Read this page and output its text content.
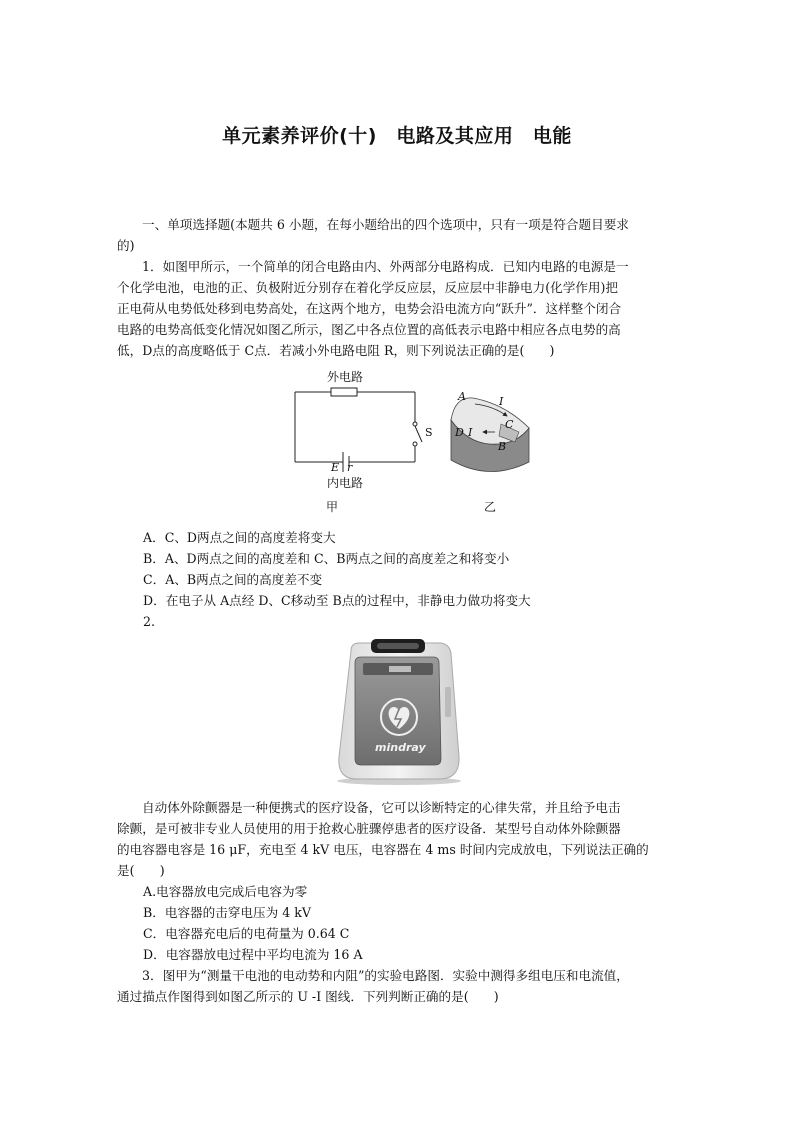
单元素养评价(十)　电路及其应用　电能
一、单项选择题(本题共 6 小题，在每小题给出的四个选项中，只有一项是符合题目要求
的)
1．如图甲所示，一个简单的闭合电路由内、外两部分电路构成．已知内电路的电源是一
个化学电池，电池的正、负极附近分别存在着化学反应层，反应层中非静电力(化学作用)把
正电荷从电势低处移到电势高处，在这两个地方，电势会沿电流方向“跃升”．这样整个闭合
电路的电势高低变化情况如图乙所示，图乙中各点位置的高低表示电路中相应各点电势的高
低，D点的高度略低于 C点．若减小外电路电阻 R，则下列说法正确的是(　　)
外电路
S
E r
内电路
甲
A	I
C
D I
B
乙
A．C、D两点之间的高度差将变大
B．A、D两点之间的高度差和 C、B两点之间的高度差之和将变小
C．A、B两点之间的高度差不变
D．在电子从 A点经 D、C移动至 B点的过程中，非静电力做功将变大
2.
mindray
自动体外除颤器是一种便携式的医疗设备，它可以诊断特定的心律失常，并且给予电击
除颤，是可被非专业人员使用的用于抢救心脏骤停患者的医疗设备．某型号自动体外除颤器
的电容器电容是 16 μF，充电至 4 kV 电压，电容器在 4 ms 时间内完成放电，下列说法正确的
是(　　)
A.电容器放电完成后电容为零
B．电容器的击穿电压为 4 kV
C．电容器充电后的电荷量为 0.64 C
D．电容器放电过程中平均电流为 16 A
3．图甲为“测量干电池的电动势和内阻”的实验电路图．实验中测得多组电压和电流值，
通过描点作图得到如图乙所示的 U -I 图线．下列判断正确的是(　　)
